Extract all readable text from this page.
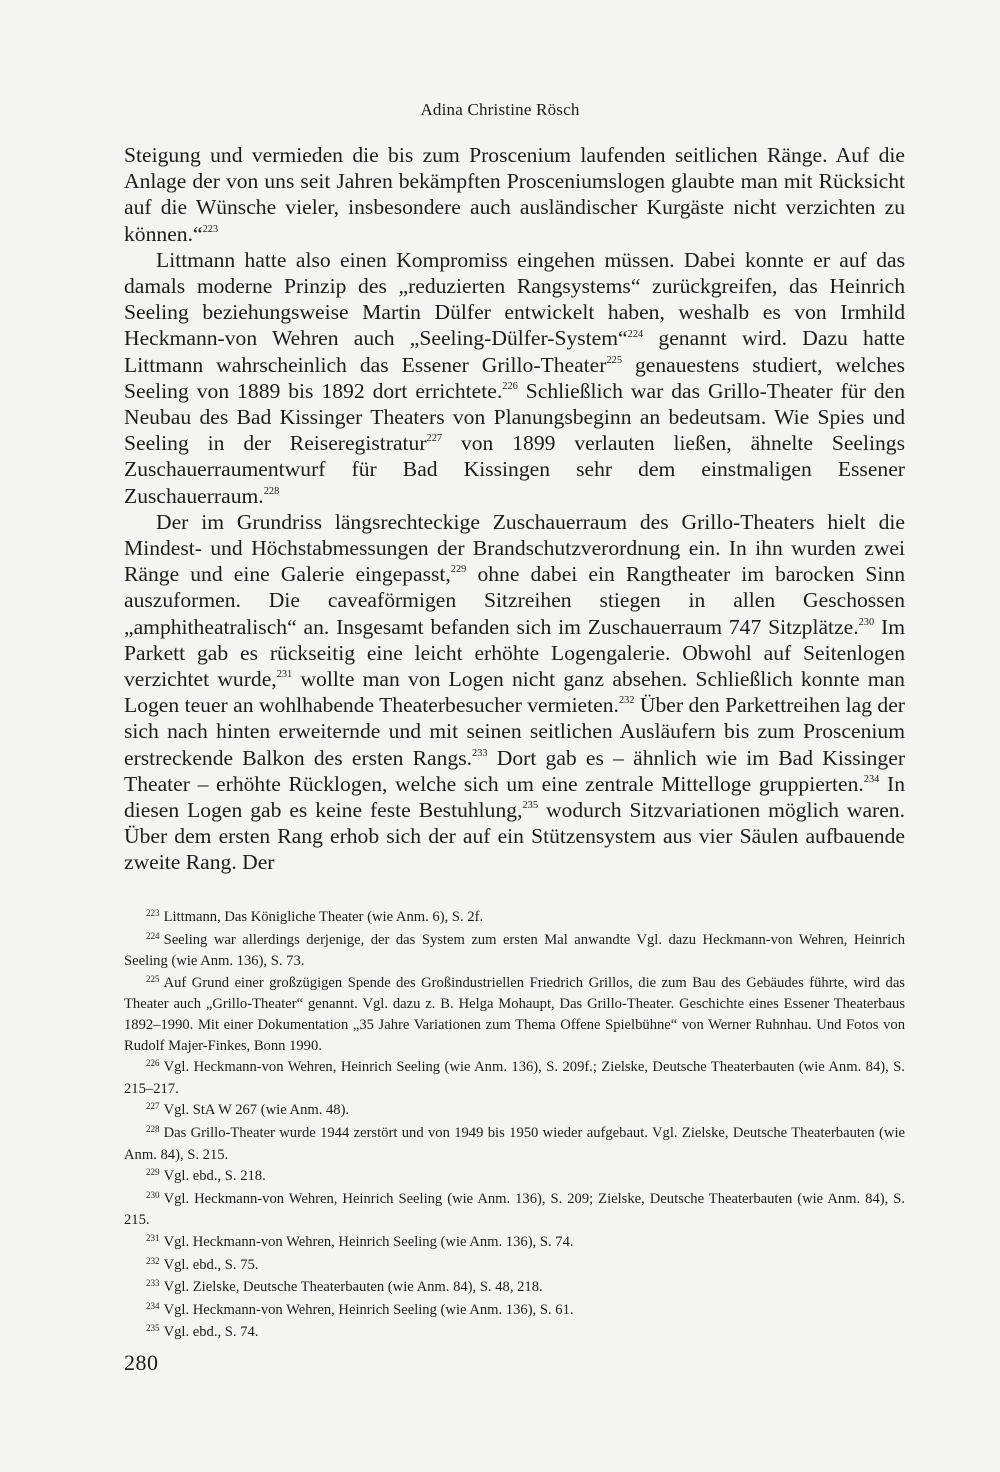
Adina Christine Rösch

Steigung und vermieden die bis zum Proscenium laufenden seitlichen Ränge. Auf die Anlage der von uns seit Jahren bekämpften Prosceniumslogen glaubte man mit Rücksicht auf die Wünsche vieler, insbesondere auch ausländischer Kurgäste nicht verzichten zu können.“$^{223}$

Littmann hatte also einen Kompromiss eingehen müssen. Dabei konnte er auf das damals moderne Prinzip des „reduzierten Rangsystems“ zurückgreifen, das Heinrich Seeling beziehungsweise Martin Dülfer entwickelt haben, weshalb es von Irmhild Heckmann-von Wehren auch „Seeling-Dülfer-System“$^{224}$ genannt wird. Dazu hatte Littmann wahrscheinlich das Essener Grillo-Theater$^{225}$ genauestens studiert, welches Seeling von 1889 bis 1892 dort errichtete.$^{226}$ Schließlich war das Grillo-Theater für den Neubau des Bad Kissinger Theaters von Planungsbeginn an bedeutsam. Wie Spies und Seeling in der Reiseregistratur$^{227}$ von 1899 verlauten ließen, ähnelte Seelings Zuschauerraumentwurf für Bad Kissingen sehr dem einstmaligen Essener Zuschauerraum.$^{228}$

Der im Grundriss längsrechteckige Zuschauerraum des Grillo-Theaters hielt die Mindest- und Höchstabmessungen der Brandschutzverordnung ein. In ihn wurden zwei Ränge und eine Galerie eingepasst,$^{229}$ ohne dabei ein Rangtheater im barocken Sinn auszuformen. Die caveaförmigen Sitzreihen stiegen in allen Geschossen „amphitheatralisch“ an. Insgesamt befanden sich im Zuschauerraum 747 Sitzplätze.$^{230}$ Im Parkett gab es rückseitig eine leicht erhöhte Logengalerie. Obwohl auf Seitenlogen verzichtet wurde,$^{231}$ wollte man von Logen nicht ganz absehen. Schließlich konnte man Logen teuer an wohlhabende Theaterbesucher vermieten.$^{232}$ Über den Parkettreihen lag der sich nach hinten erweiternde und mit seinen seitlichen Ausläufern bis zum Proscenium erstreckende Balkon des ersten Rangs.$^{233}$ Dort gab es – ähnlich wie im Bad Kissinger Theater – erhöhte Rücklogen, welche sich um eine zentrale Mittelloge gruppierten.$^{234}$ In diesen Logen gab es keine feste Bestuhlung,$^{235}$ wodurch Sitzvariationen möglich waren. Über dem ersten Rang erhob sich der auf ein Stützensystem aus vier Säulen aufbauende zweite Rang. Der

$^{223}$ Littmann, Das Königliche Theater (wie Anm. 6), S. 2f.
$^{224}$ Seeling war allerdings derjenige, der das System zum ersten Mal anwandte Vgl. dazu Heckmann-von Wehren, Heinrich Seeling (wie Anm. 136), S. 73.
$^{225}$ Auf Grund einer großzügigen Spende des Großindustriellen Friedrich Grillos, die zum Bau des Gebäudes führte, wird das Theater auch „Grillo-Theater“ genannt. Vgl. dazu z. B. Helga Mohaupt, Das Grillo-Theater. Geschichte eines Essener Theaterbaus 1892–1990. Mit einer Dokumentation „35 Jahre Variationen zum Thema Offene Spielbühne“ von Werner Ruhnhau. Und Fotos von Rudolf Majer-Finkes, Bonn 1990.
$^{226}$ Vgl. Heckmann-von Wehren, Heinrich Seeling (wie Anm. 136), S. 209f.; Zielske, Deutsche Theaterbauten (wie Anm. 84), S. 215–217.
$^{227}$ Vgl. StA W 267 (wie Anm. 48).
$^{228}$ Das Grillo-Theater wurde 1944 zerstört und von 1949 bis 1950 wieder aufgebaut. Vgl. Zielske, Deutsche Theaterbauten (wie Anm. 84), S. 215.
$^{229}$ Vgl. ebd., S. 218.
$^{230}$ Vgl. Heckmann-von Wehren, Heinrich Seeling (wie Anm. 136), S. 209; Zielske, Deutsche Theaterbauten (wie Anm. 84), S. 215.
$^{231}$ Vgl. Heckmann-von Wehren, Heinrich Seeling (wie Anm. 136), S. 74.
$^{232}$ Vgl. ebd., S. 75.
$^{233}$ Vgl. Zielske, Deutsche Theaterbauten (wie Anm. 84), S. 48, 218.
$^{234}$ Vgl. Heckmann-von Wehren, Heinrich Seeling (wie Anm. 136), S. 61.
$^{235}$ Vgl. ebd., S. 74.
280
